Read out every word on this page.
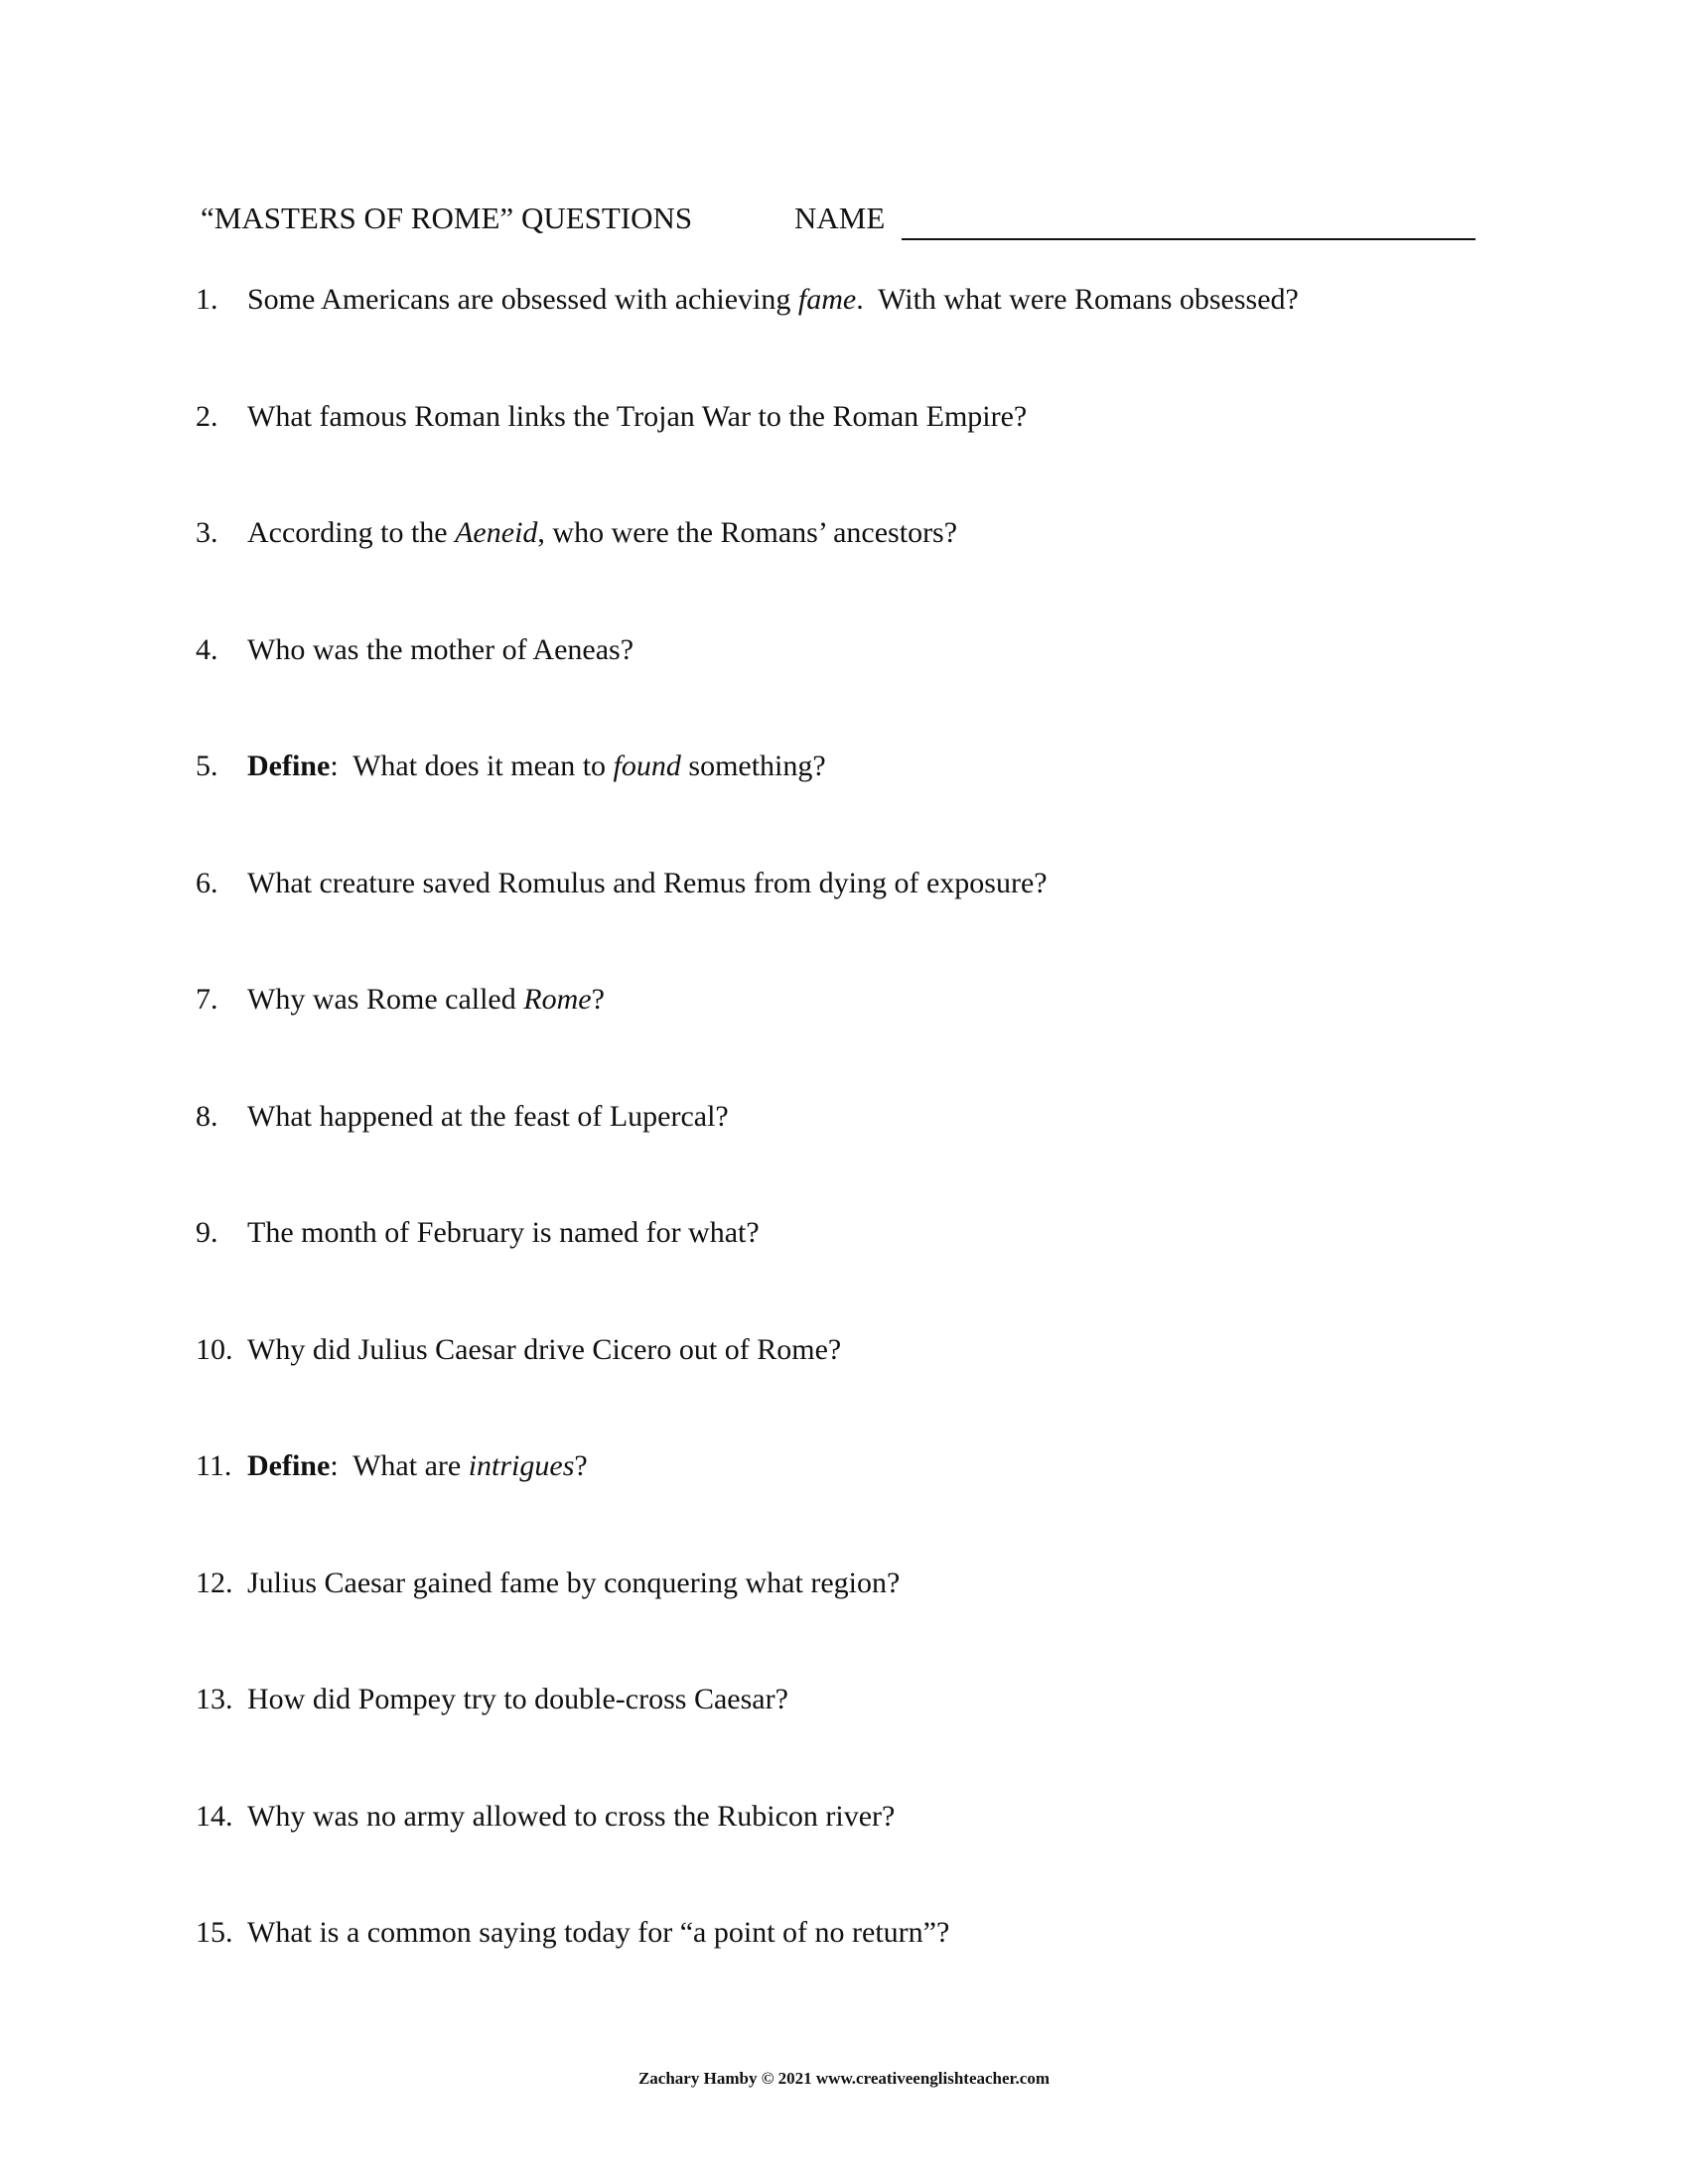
“MASTERS OF ROME” QUESTIONS	NAME
1. Some Americans are obsessed with achieving fame.  With what were Romans obsessed?
2. What famous Roman links the Trojan War to the Roman Empire?
3. According to the Aeneid, who were the Romans’ ancestors?
4. Who was the mother of Aeneas?
5. Define:  What does it mean to found something?
6. What creature saved Romulus and Remus from dying of exposure?
7. Why was Rome called Rome?
8. What happened at the feast of Lupercal?
9. The month of February is named for what?
10. Why did Julius Caesar drive Cicero out of Rome?
11. Define:  What are intrigues?
12. Julius Caesar gained fame by conquering what region?
13. How did Pompey try to double-cross Caesar?
14. Why was no army allowed to cross the Rubicon river?
15. What is a common saying today for “a point of no return”?
Zachary Hamby © 2021 www.creativeenglishteacher.com
